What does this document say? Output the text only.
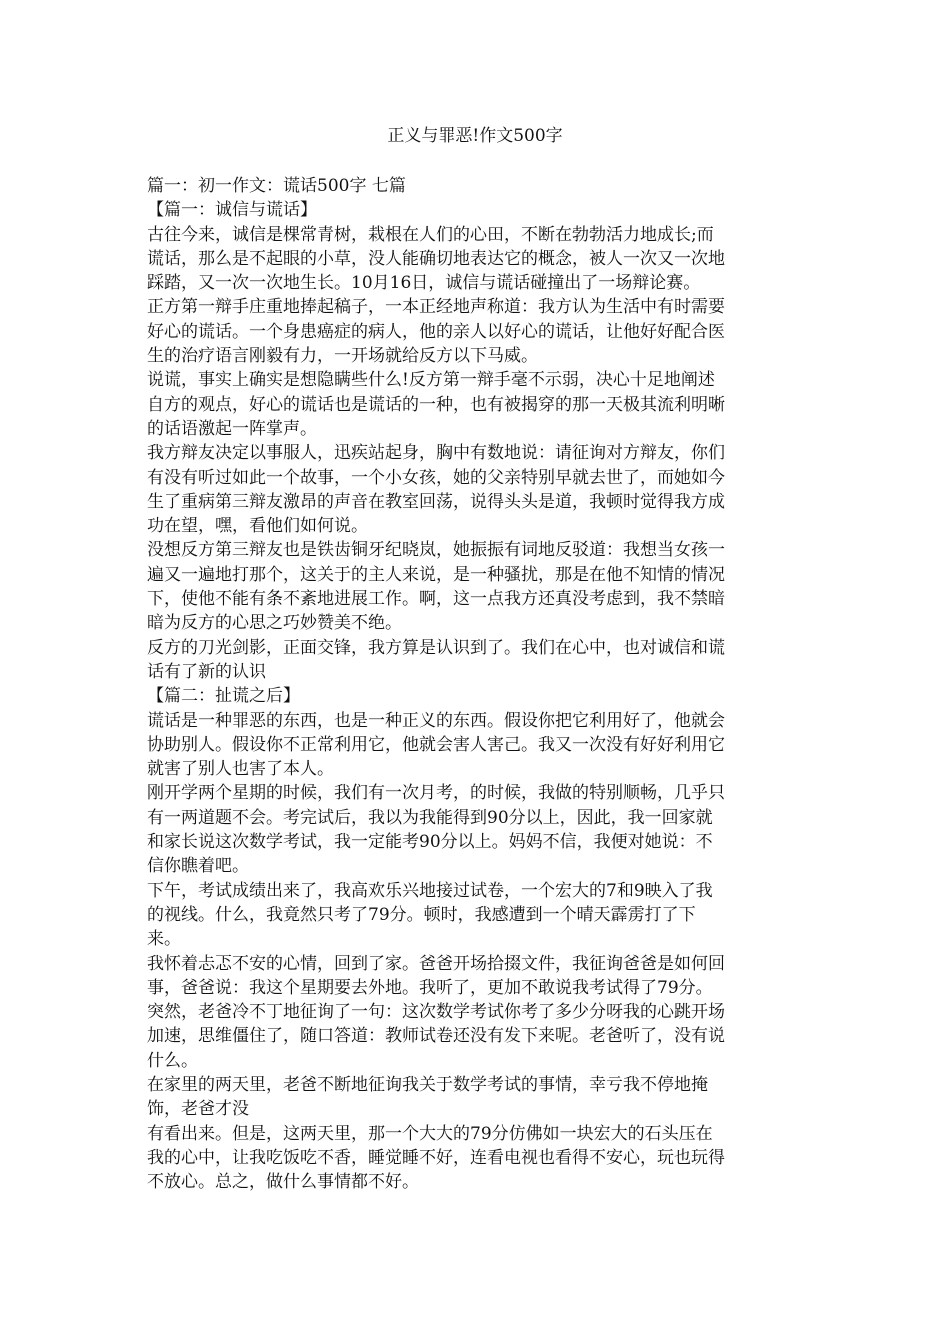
正义与罪恶!作文500字

篇一：初一作文：谎话500字 七篇

【篇一：诚信与谎话】

古往今来，诚信是棵常青树，栽根在人们的心田，不断在勃勃活力地成长;而

谎话，那么是不起眼的小草，没人能确切地表达它的概念，被人一次又一次地

踩踏，又一次一次地生长。10月16日，诚信与谎话碰撞出了一场辩论赛。

正方第一辩手庄重地捧起稿子，一本正经地声称道：我方认为生活中有时需要

好心的谎话。一个身患癌症的病人，他的亲人以好心的谎话，让他好好配合医

生的治疗语言刚毅有力，一开场就给反方以下马威。

说谎，事实上确实是想隐瞒些什么!反方第一辩手毫不示弱，决心十足地阐述

自方的观点，好心的谎话也是谎话的一种，也有被揭穿的那一天极其流利明晰

的话语激起一阵掌声。

我方辩友决定以事服人，迅疾站起身，胸中有数地说：请征询对方辩友，你们

有没有听过如此一个故事，一个小女孩，她的父亲特别早就去世了，而她如今

生了重病第三辩友激昂的声音在教室回荡，说得头头是道，我顿时觉得我方成

功在望，嘿，看他们如何说。

没想反方第三辩友也是铁齿铜牙纪晓岚，她振振有词地反驳道：我想当女孩一

遍又一遍地打那个，这关于的主人来说，是一种骚扰，那是在他不知情的情况

下，使他不能有条不紊地进展工作。啊，这一点我方还真没考虑到，我不禁暗

暗为反方的心思之巧妙赞美不绝。

反方的刀光剑影，正面交锋，我方算是认识到了。我们在心中，也对诚信和谎

话有了新的认识

【篇二：扯谎之后】

谎话是一种罪恶的东西，也是一种正义的东西。假设你把它利用好了，他就会

协助别人。假设你不正常利用它，他就会害人害己。我又一次没有好好利用它

就害了别人也害了本人。

刚开学两个星期的时候，我们有一次月考，的时候，我做的特别顺畅，几乎只

有一两道题不会。考完试后，我以为我能得到90分以上，因此，我一回家就

和家长说这次数学考试，我一定能考90分以上。妈妈不信，我便对她说：不

信你瞧着吧。

下午，考试成绩出来了，我高欢乐兴地接过试卷，一个宏大的7和9映入了我

的视线。什么，我竟然只考了79分。顿时，我感遭到一个晴天霹雳打了下

来。

我怀着忐忑不安的心情，回到了家。爸爸开场拾掇文件，我征询爸爸是如何回

事，爸爸说：我这个星期要去外地。我听了，更加不敢说我考试得了79分。

突然，老爸冷不丁地征询了一句：这次数学考试你考了多少分呀我的心跳开场

加速，思维僵住了，随口答道：教师试卷还没有发下来呢。老爸听了，没有说

什么。

在家里的两天里，老爸不断地征询我关于数学考试的事情，幸亏我不停地掩

饰，老爸才没

有看出来。但是，这两天里，那一个大大的79分仿佛如一块宏大的石头压在

我的心中，让我吃饭吃不香，睡觉睡不好，连看电视也看得不安心，玩也玩得

不放心。总之，做什么事情都不好。
